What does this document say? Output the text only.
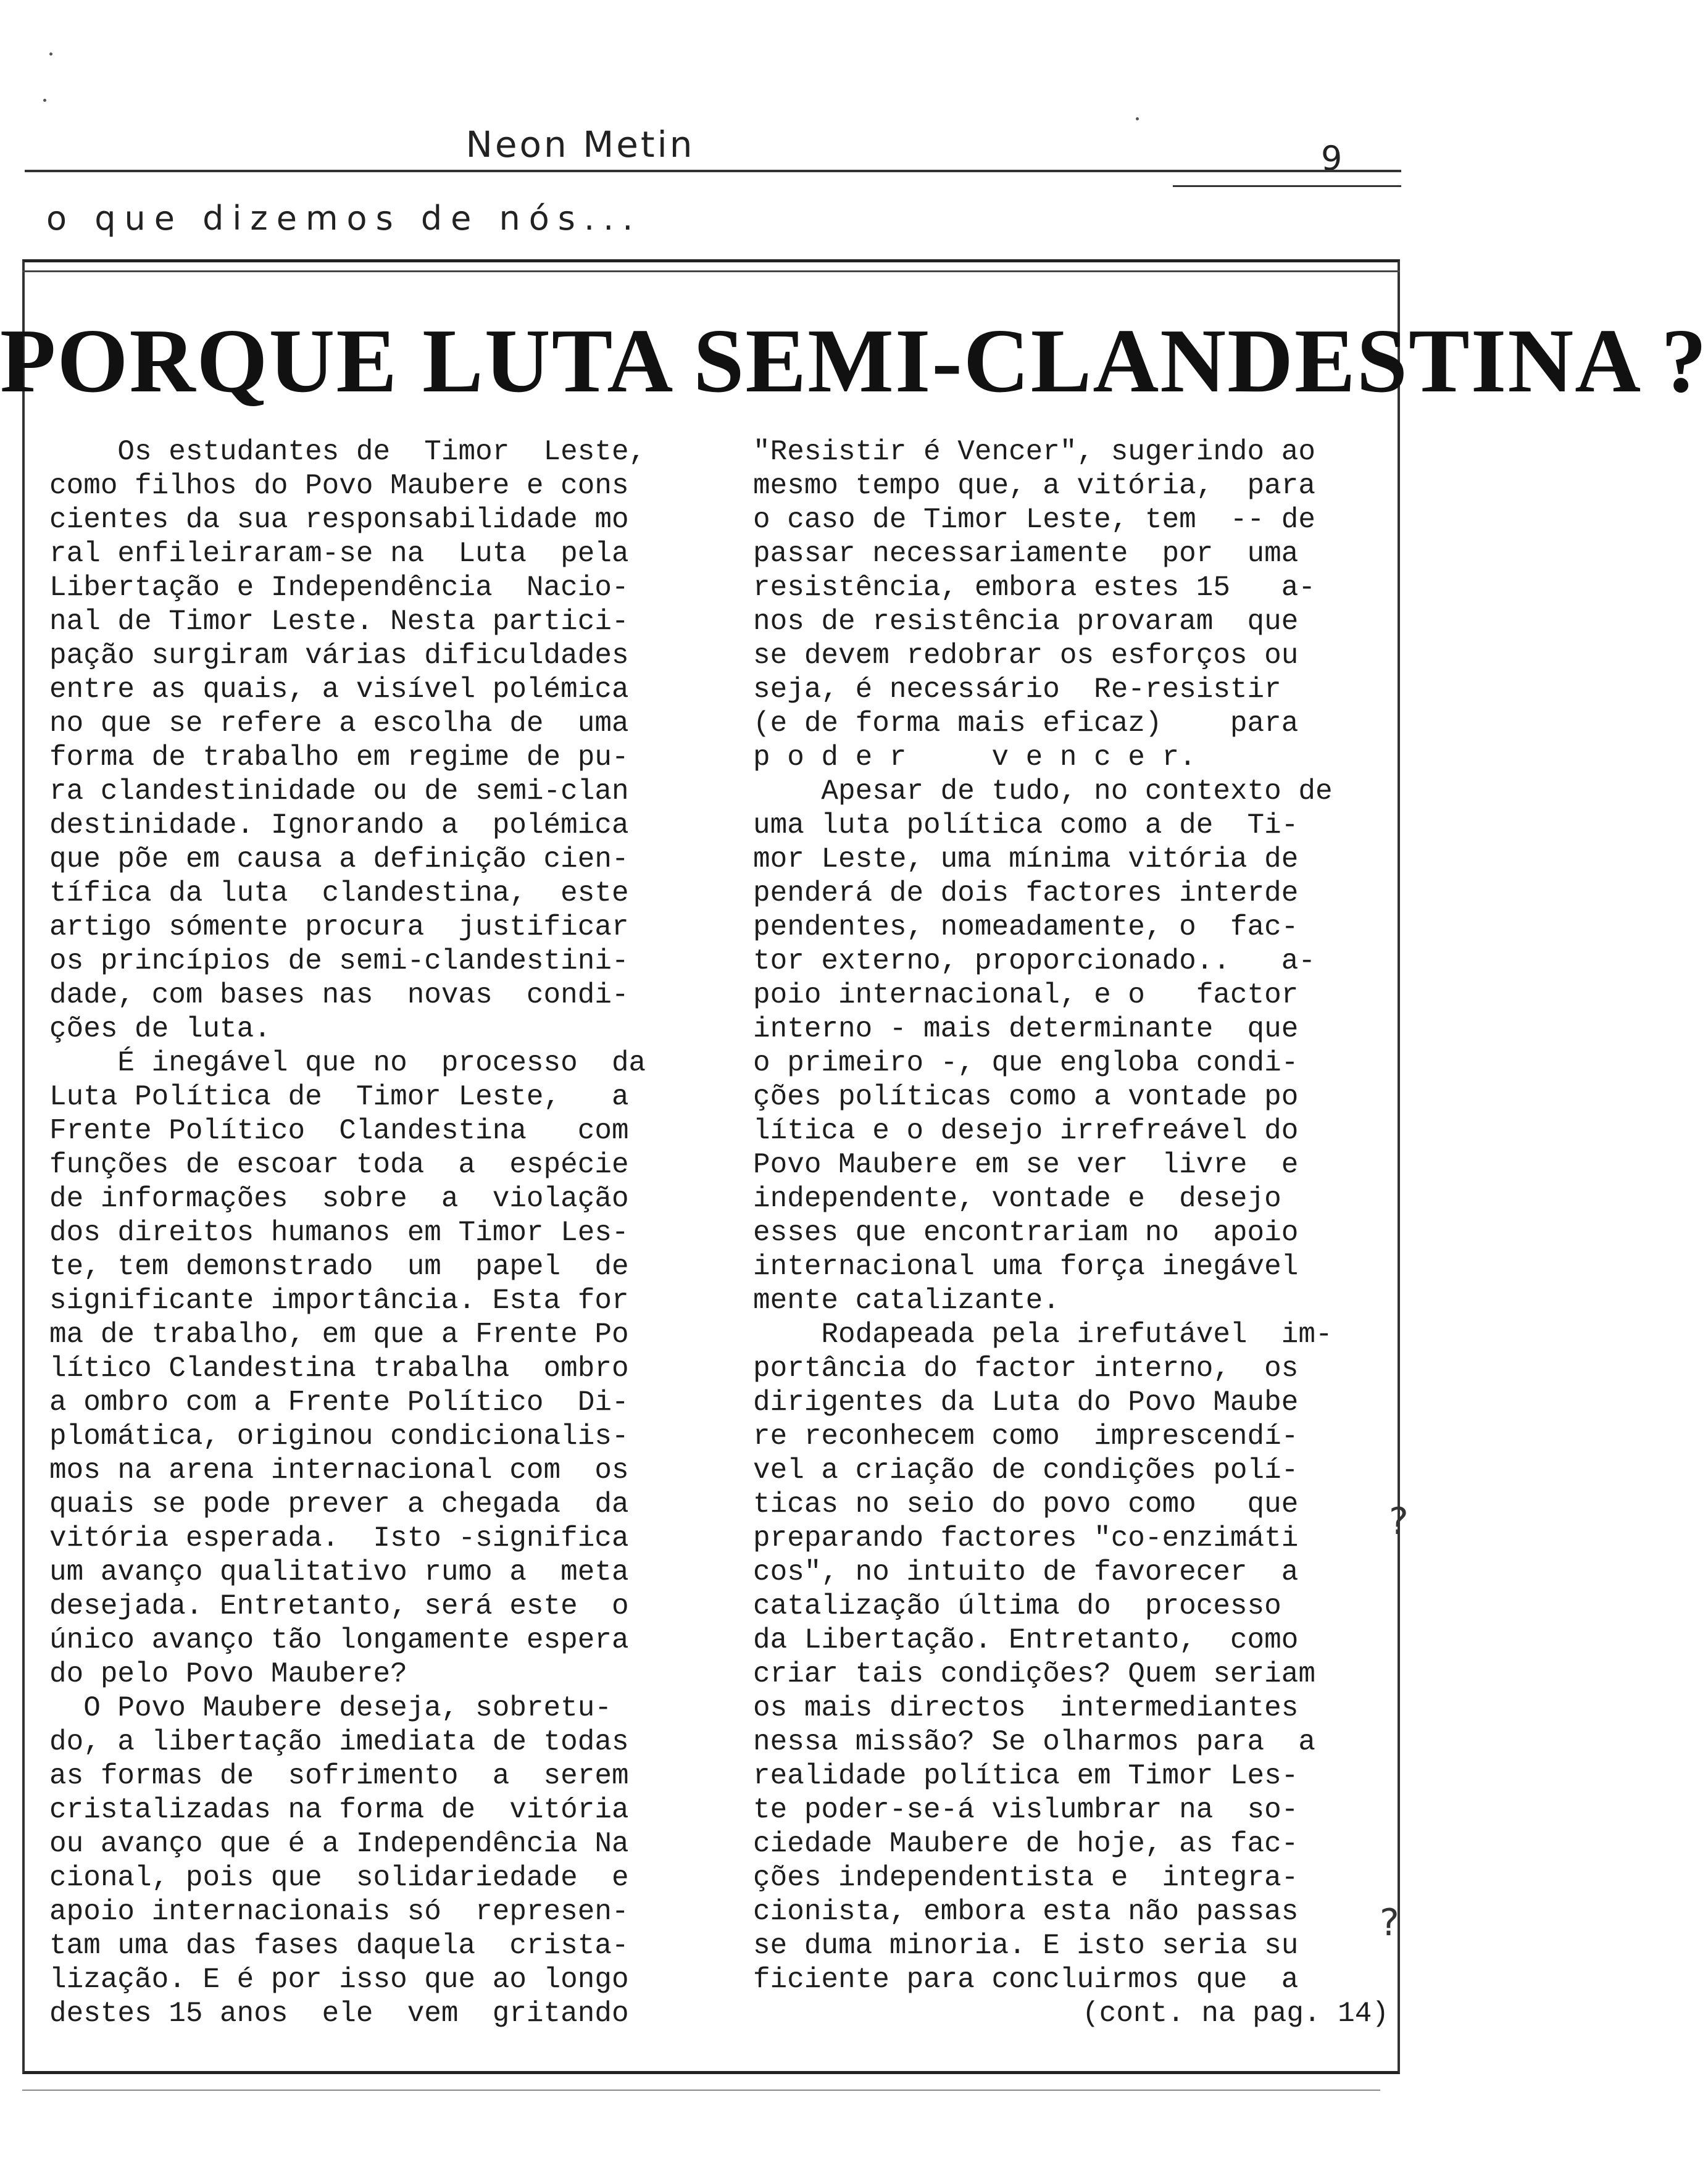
Neon Metin	9
o que dizemos de nós...
PORQUE LUTA SEMI-CLANDESTINA ?
Os estudantes de  Timor  Leste,
como filhos do Povo Maubere e cons
cientes da sua responsabilidade mo
ral enfileiraram-se na  Luta  pela
Libertação e Independência  Nacio-
nal de Timor Leste. Nesta partici-
pação surgiram várias dificuldades
entre as quais, a visível polémica
no que se refere a escolha de  uma
forma de trabalho em regime de pu-
ra clandestinidade ou de semi-clan
destinidade. Ignorando a  polémica
que põe em causa a definição cien-
tífica da luta  clandestina,  este
artigo sómente procura  justificar
os princípios de semi-clandestini-
dade, com bases nas  novas  condi-
ções de luta.
É inegável que no  processo  da
Luta Política de  Timor Leste,   a
Frente Político  Clandestina   com
funções de escoar toda  a  espécie
de informações  sobre  a  violação
dos direitos humanos em Timor Les-
te, tem demonstrado  um  papel  de
significante importância. Esta for
ma de trabalho, em que a Frente Po
lítico Clandestina trabalha  ombro
a ombro com a Frente Político  Di-
plomática, originou condicionalis-
mos na arena internacional com  os
quais se pode prever a chegada  da
vitória esperada.  Isto -significa
um avanço qualitativo rumo a  meta
desejada. Entretanto, será este  o
único avanço tão longamente espera
do pelo Povo Maubere?
O Povo Maubere deseja, sobretu-
do, a libertação imediata de todas
as formas de  sofrimento  a  serem
cristalizadas na forma de  vitória
ou avanço que é a Independência Na
cional, pois que  solidariedade  e
apoio internacionais só  represen-
tam uma das fases daquela  crista-
lização. E é por isso que ao longo
destes 15 anos  ele  vem  gritando
"Resistir é Vencer", sugerindo ao
mesmo tempo que, a vitória,  para
o caso de Timor Leste, tem  -- de
passar necessariamente  por  uma
resistência, embora estes 15   a-
nos de resistência provaram  que
se devem redobrar os esforços ou
seja, é necessário  Re-resistir
(e de forma mais eficaz)    para
p o d e r     v e n c e r.
Apesar de tudo, no contexto de
uma luta política como a de  Ti-
mor Leste, uma mínima vitória de
penderá de dois factores interde
pendentes, nomeadamente, o  fac-
tor externo, proporcionado..   a-
poio internacional, e o   factor
interno - mais determinante  que
o primeiro -, que engloba condi-
ções políticas como a vontade po
lítica e o desejo irrefreável do
Povo Maubere em se ver  livre  e
independente, vontade e  desejo
esses que encontrariam no  apoio
internacional uma força inegável
mente catalizante.
Rodapeada pela irefutável  im-
portância do factor interno,  os
dirigentes da Luta do Povo Maube
re reconhecem como  imprescendí-
vel a criação de condições polí-
ticas no seio do povo como   que
preparando factores "co-enzimáti
cos", no intuito de favorecer  a
catalização última do  processo
da Libertação. Entretanto,  como
criar tais condições? Quem seriam
os mais directos  intermediantes
nessa missão? Se olharmos para  a
realidade política em Timor Les-
te poder-se-á vislumbrar na  so-
ciedade Maubere de hoje, as fac-
ções independentista e  integra-
cionista, embora esta não passas
se duma minoria. E isto seria su
ficiente para concluirmos que  a
(cont. na pag. 14)
?
?
